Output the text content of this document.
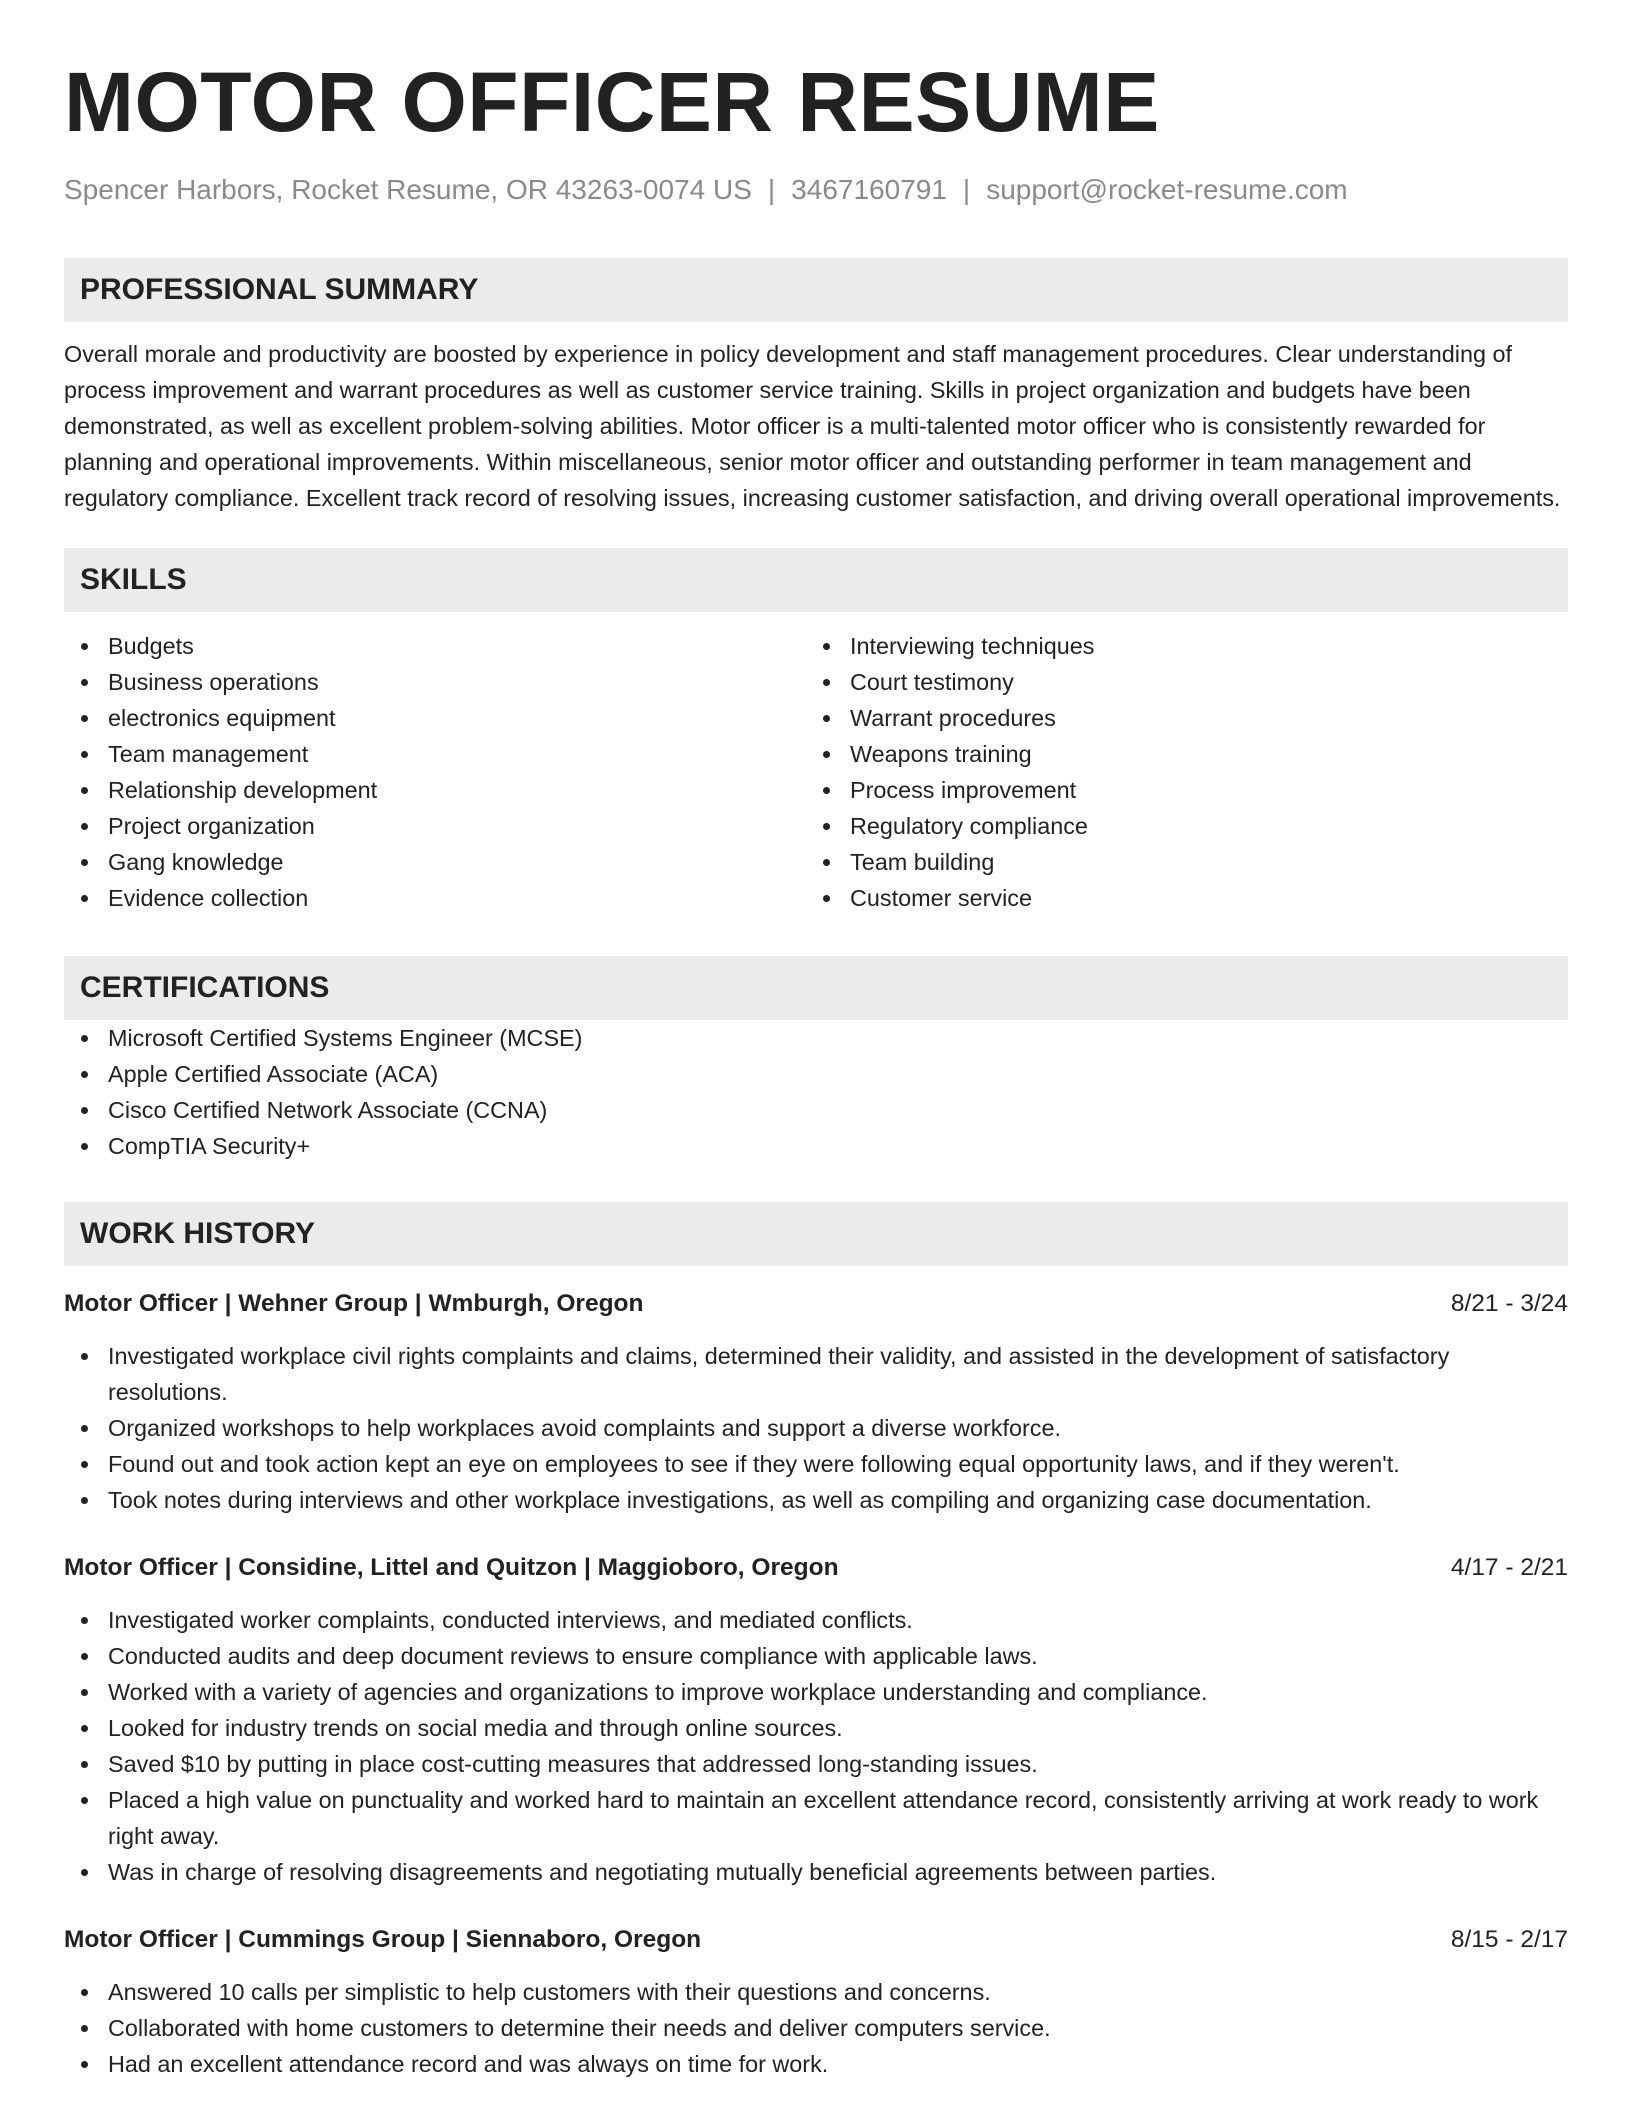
MOTOR OFFICER RESUME
Spencer Harbors, Rocket Resume, OR 43263-0074 US | 3467160791 | support@rocket-resume.com
PROFESSIONAL SUMMARY

Overall morale and productivity are boosted by experience in policy development and staff management procedures. Clear understanding of process improvement and warrant procedures as well as customer service training. Skills in project organization and budgets have been demonstrated, as well as excellent problem-solving abilities. Motor officer is a multi-talented motor officer who is consistently rewarded for planning and operational improvements. Within miscellaneous, senior motor officer and outstanding performer in team management and regulatory compliance. Excellent track record of resolving issues, increasing customer satisfaction, and driving overall operational improvements.

SKILLS
Budgets
Business operations
electronics equipment
Team management
Relationship development
Project organization
Gang knowledge
Evidence collection
Interviewing techniques
Court testimony
Warrant procedures
Weapons training
Process improvement
Regulatory compliance
Team building
Customer service
CERTIFICATIONS
Microsoft Certified Systems Engineer (MCSE)
Apple Certified Associate (ACA)
Cisco Certified Network Associate (CCNA)
CompTIA Security+
WORK HISTORY
Motor Officer | Wehner Group | Wmburgh, Oregon	8/21 - 3/24
Investigated workplace civil rights complaints and claims, determined their validity, and assisted in the development of satisfactory resolutions.
Organized workshops to help workplaces avoid complaints and support a diverse workforce.
Found out and took action kept an eye on employees to see if they were following equal opportunity laws, and if they weren't.
Took notes during interviews and other workplace investigations, as well as compiling and organizing case documentation.
Motor Officer | Considine, Littel and Quitzon | Maggioboro, Oregon	4/17 - 2/21
Investigated worker complaints, conducted interviews, and mediated conflicts.
Conducted audits and deep document reviews to ensure compliance with applicable laws.
Worked with a variety of agencies and organizations to improve workplace understanding and compliance.
Looked for industry trends on social media and through online sources.
Saved $10 by putting in place cost-cutting measures that addressed long-standing issues.
Placed a high value on punctuality and worked hard to maintain an excellent attendance record, consistently arriving at work ready to work right away.
Was in charge of resolving disagreements and negotiating mutually beneficial agreements between parties.
Motor Officer | Cummings Group | Siennaboro, Oregon	8/15 - 2/17
Answered 10 calls per simplistic to help customers with their questions and concerns.
Collaborated with home customers to determine their needs and deliver computers service.
Had an excellent attendance record and was always on time for work.
